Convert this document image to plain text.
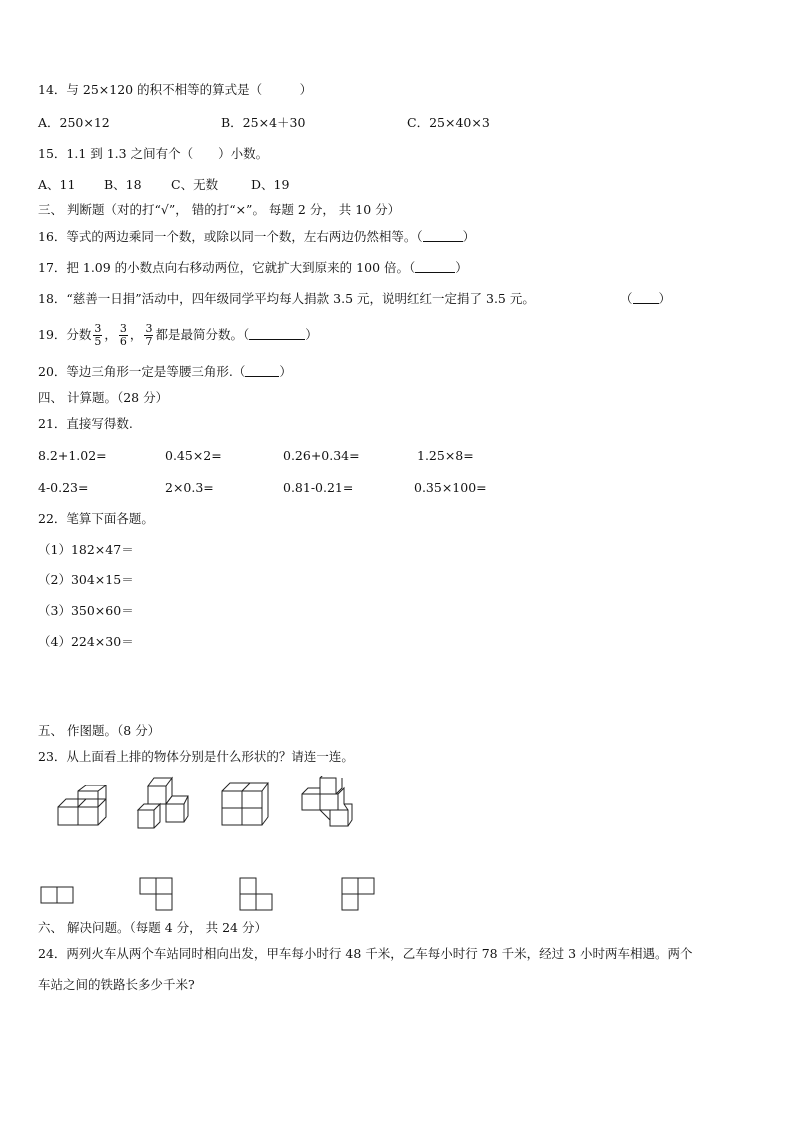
14．与 25×120 的积不相等的算式是（　　　）
A．250×12	B．25×4＋30	C．25×40×3
15．1.1 到 1.3 之间有个（　　）小数。
A、11 B、18 C、无数	D、19
三、 判断题（对的打“√”， 错的打“×”。 每题 2 分， 共 10 分）
16．等式的两边乘同一个数，或除以同一个数，左右两边仍然相等。（	）
17．把 1.09 的小数点向右移动两位，它就扩大到原来的 100 倍。（	）
18．“慈善一日捐”活动中，四年级同学平均每人捐款 3.5 元，说明红红一定捐了 3.5 元。	（ ）
19．分数 $\frac{3}{5}$ ， $\frac{3}{6}$ ， $\frac{3}{7}$ 都是最简分数。（	）
20．等边三角形一定是等腰三角形.（	）
四、 计算题。（28 分）
21．直接写得数.
8.2+1.02=	0.45×2=	0.26+0.34=	1.25×8=
4-0.23=	2×0.3=	0.81-0.21=	0.35×100=
22．笔算下面各题。
（1）182×47＝
（2）304×15＝
（3）350×60＝
（4）224×30＝
五、 作图题。（8 分）
23．从上面看上排的物体分别是什么形状的？请连一连。
六、 解决问题。（每题 4 分， 共 24 分）
24．两列火车从两个车站同时相向出发，甲车每小时行 48 千米，乙车每小时行 78 千米，经过 3 小时两车相遇。两个
车站之间的铁路长多少千米?
